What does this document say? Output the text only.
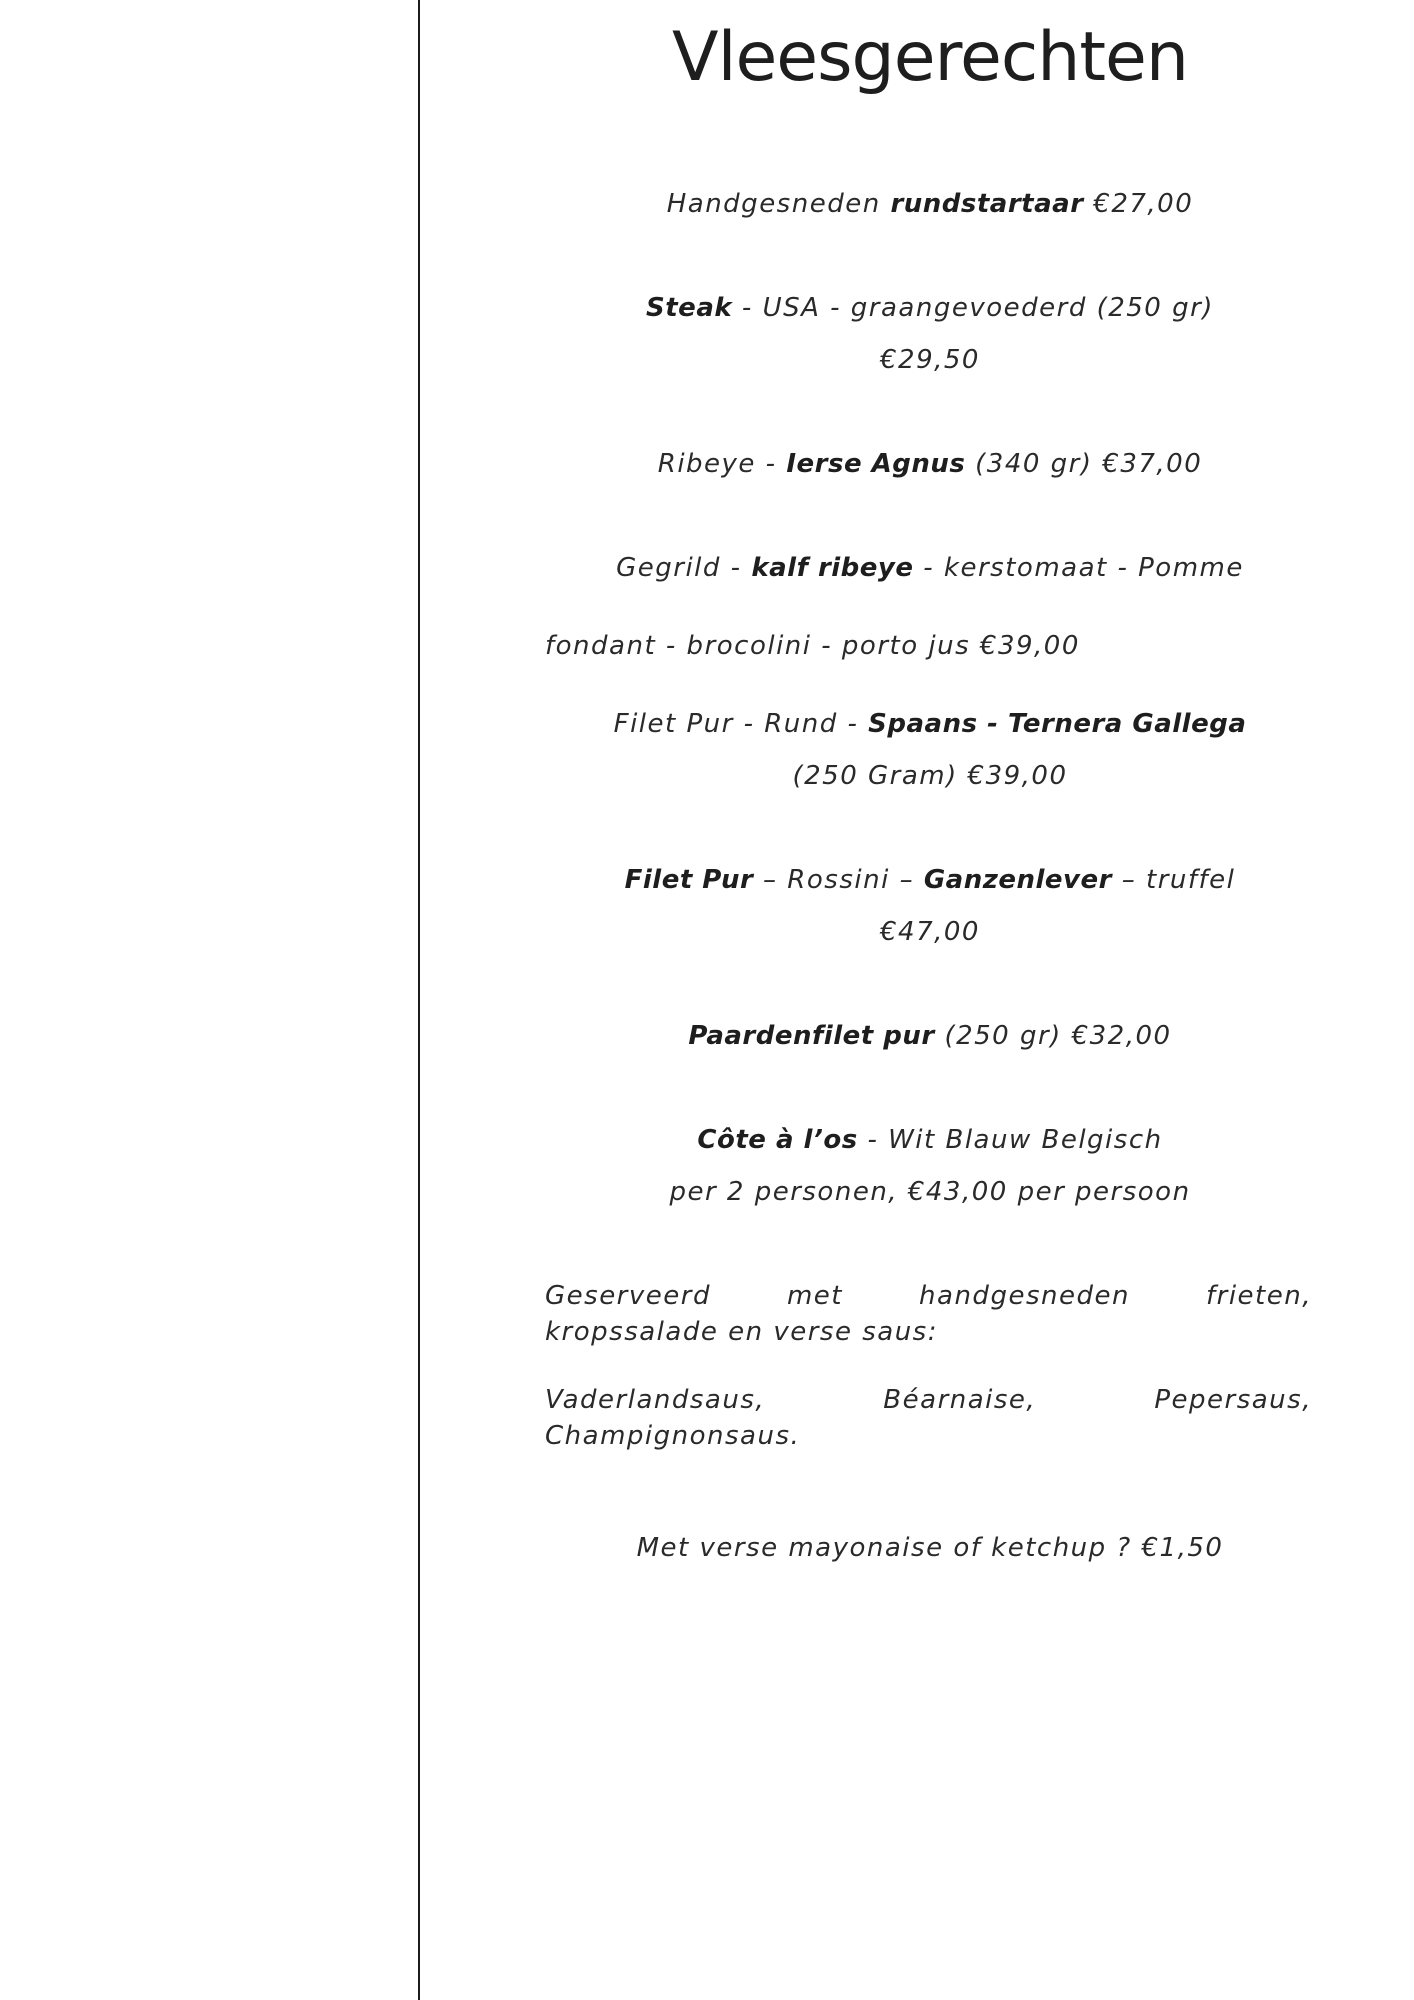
Vleesgerechten

Handgesneden rundstartaar €27,00

Steak - USA - graangevoederd (250 gr)

€29,50

Ribeye - Ierse Agnus (340 gr) €37,00

Gegrild - kalf ribeye - kerstomaat - Pomme

fondant - brocolini - porto jus €39,00

Filet Pur - Rund - Spaans - Ternera Gallega

(250 Gram) €39,00

Filet Pur – Rossini – Ganzenlever – truffel

€47,00

Paardenfilet pur (250 gr) €32,00

Côte à l’os - Wit Blauw Belgisch

per 2 personen, €43,00 per persoon

Geserveerd	met	handgesneden	frieten,

kropssalade en verse saus:

Vaderlandsaus,	Béarnaise,	Pepersaus,

Champignonsaus.

Met verse mayonaise of ketchup ? €1,50
